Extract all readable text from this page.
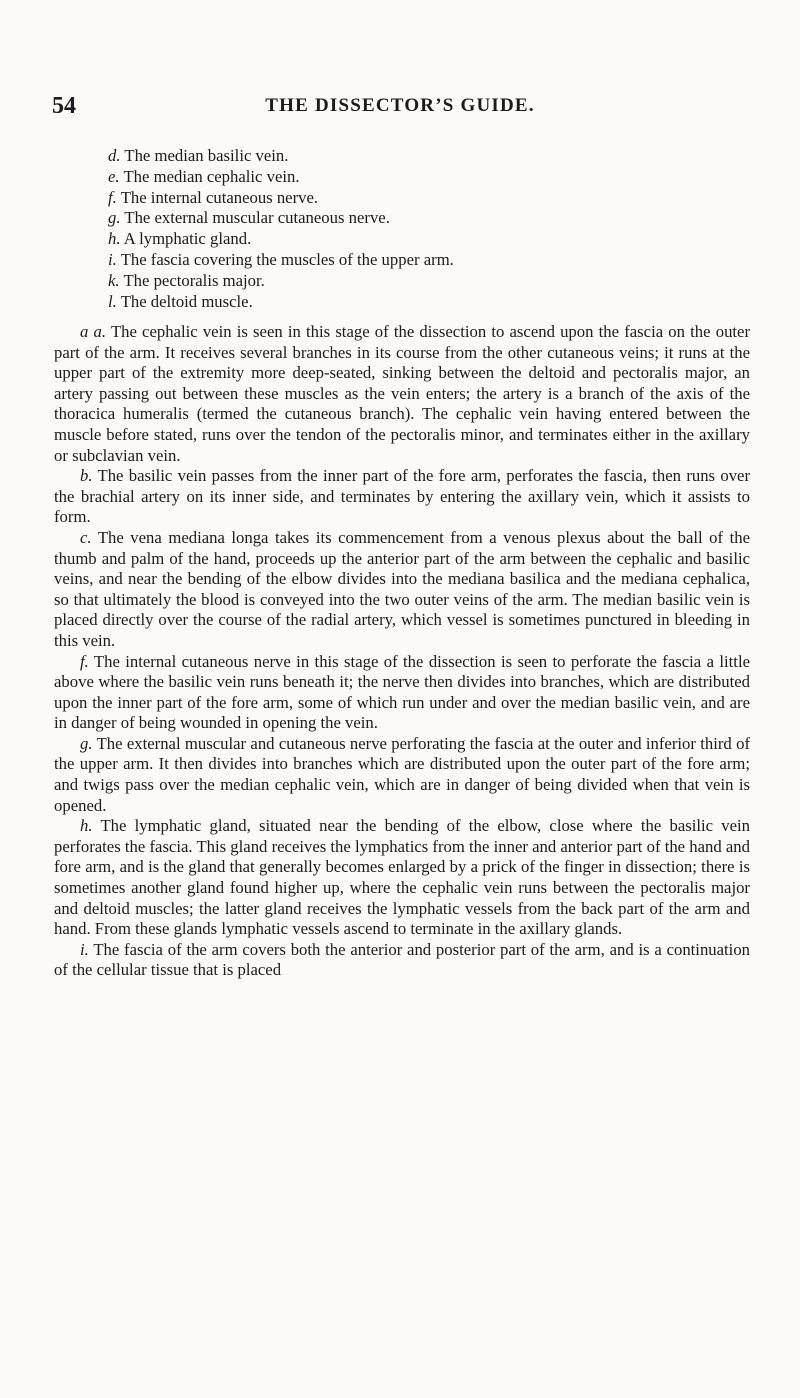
54	THE DISSECTOR’S GUIDE.
d. The median basilic vein.
e. The median cephalic vein.
f. The internal cutaneous nerve.
g. The external muscular cutaneous nerve.
h. A lymphatic gland.
i. The fascia covering the muscles of the upper arm.
k. The pectoralis major.
l. The deltoid muscle.

a a. The cephalic vein is seen in this stage of the dissection to ascend upon the fascia on the outer part of the arm. It receives several branches in its course from the other cutaneous veins; it runs at the upper part of the extremity more deep-seated, sinking between the deltoid and pectoralis major, an artery passing out between these muscles as the vein enters; the artery is a branch of the axis of the thoracica humeralis (termed the cutaneous branch). The cephalic vein having entered between the muscle before stated, runs over the tendon of the pectoralis minor, and terminates either in the axillary or subclavian vein.

b. The basilic vein passes from the inner part of the fore arm, perforates the fascia, then runs over the brachial artery on its inner side, and terminates by entering the axillary vein, which it assists to form.

c. The vena mediana longa takes its commencement from a venous plexus about the ball of the thumb and palm of the hand, proceeds up the anterior part of the arm between the cephalic and basilic veins, and near the bending of the elbow divides into the mediana basilica and the mediana cephalica, so that ultimately the blood is conveyed into the two outer veins of the arm. The median basilic vein is placed directly over the course of the radial artery, which vessel is sometimes punctured in bleeding in this vein.

f. The internal cutaneous nerve in this stage of the dissection is seen to perforate the fascia a little above where the basilic vein runs beneath it; the nerve then divides into branches, which are distributed upon the inner part of the fore arm, some of which run under and over the median basilic vein, and are in danger of being wounded in opening the vein.

g. The external muscular and cutaneous nerve perforating the fascia at the outer and inferior third of the upper arm. It then divides into branches which are distributed upon the outer part of the fore arm; and twigs pass over the median cephalic vein, which are in danger of being divided when that vein is opened.

h. The lymphatic gland, situated near the bending of the elbow, close where the basilic vein perforates the fascia. This gland receives the lymphatics from the inner and anterior part of the hand and fore arm, and is the gland that generally becomes enlarged by a prick of the finger in dissection; there is sometimes another gland found higher up, where the cephalic vein runs between the pectoralis major and deltoid muscles; the latter gland receives the lymphatic vessels from the back part of the arm and hand. From these glands lymphatic vessels ascend to terminate in the axillary glands.

i. The fascia of the arm covers both the anterior and posterior part of the arm, and is a continuation of the cellular tissue that is placed
